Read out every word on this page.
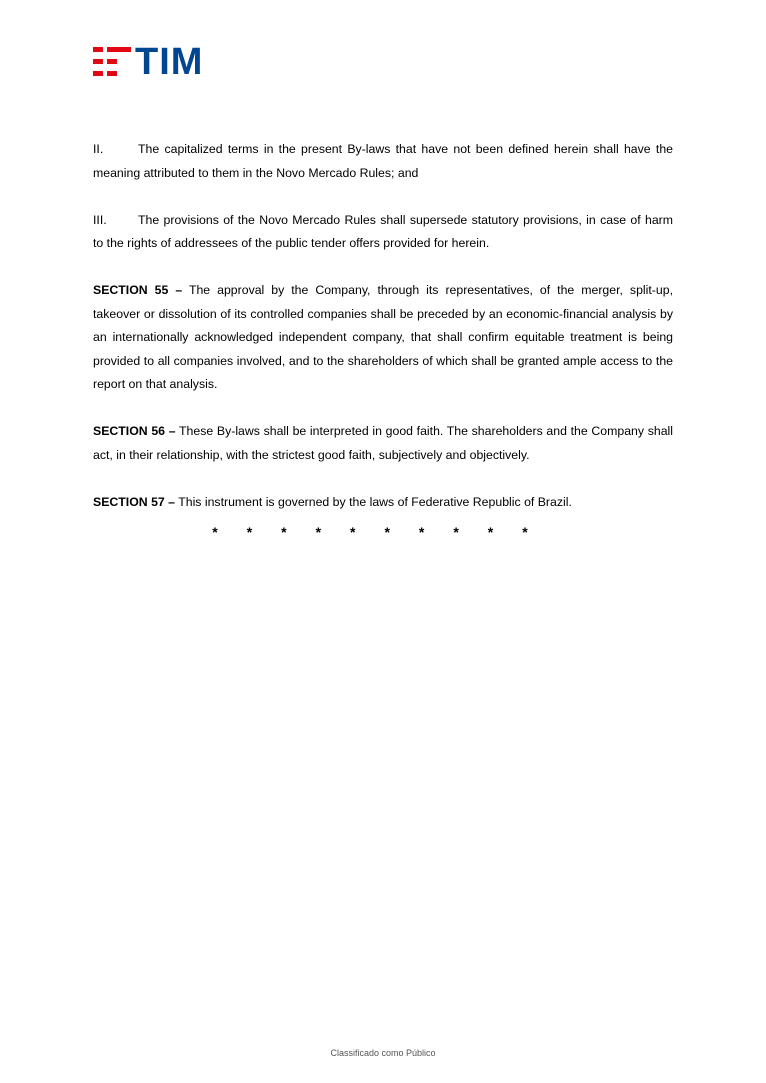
TIM

II.	The capitalized terms in the present By-laws that have not been defined herein shall have the meaning attributed to them in the Novo Mercado Rules; and

III.	The provisions of the Novo Mercado Rules shall supersede statutory provisions, in case of harm to the rights of addressees of the public tender offers provided for herein.

SECTION 55 – The approval by the Company, through its representatives, of the merger, split-up, takeover or dissolution of its controlled companies shall be preceded by an economic-financial analysis by an internationally acknowledged independent company, that shall confirm equitable treatment is being provided to all companies involved, and to the shareholders of which shall be granted ample access to the report on that analysis.

SECTION 56 – These By-laws shall be interpreted in good faith. The shareholders and the Company shall act, in their relationship, with the strictest good faith, subjectively and objectively.

SECTION 57 – This instrument is governed by the laws of Federative Republic of Brazil.

*	*	*	*	*	*	*	*	*	*
Classificado como Público
